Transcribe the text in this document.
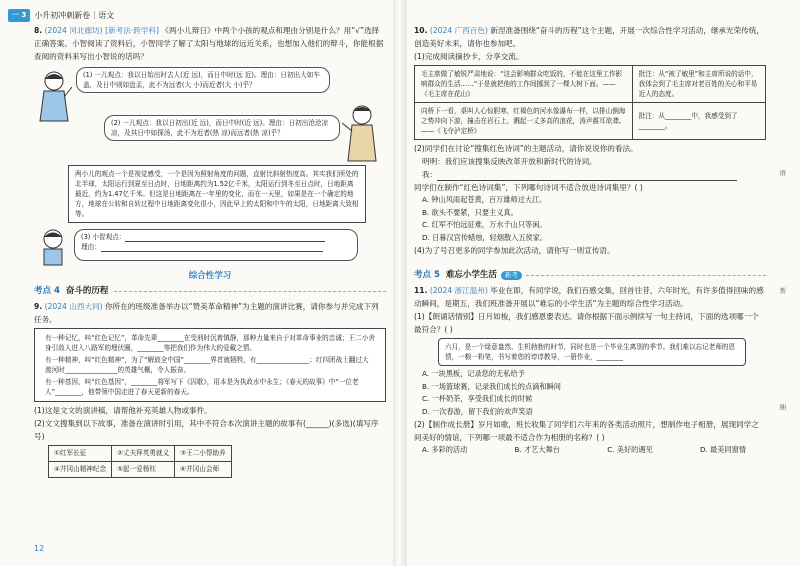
一 3	小升初冲刺新卷｜语文

8. (2024 河北廊坊) [新考法·跨学科] 《两小儿辩日》中两个小孩的观点和理由分别是什么？用“√”选择正确答案。小智阅读了资料后，小智同学了解了太阳与地球的远近关系，也想加入他们的辩斗，你能根据查阅的资料来写出小智说的话吗？

(1) 一儿观点：我以日始出时去人(近 远)，而日中时(远 近)。理由：日初出大如车盖，及日中则如盘盂，此不为远者(大 小)而近者(大 小)乎？
(2) 一儿观点：我以日初出(近 远)，而日中时(近 远)。理由：日初出沧沧凉凉，及其日中如探汤，此不为近者(热 凉)而远者(热 凉)乎？
两小儿的观点一个是视觉感受，一个是因为照射角度的问题，直射比斜射热度高。其实我们所处的北半球，太阳运行到夏至日点时，日地距离约为1.52亿千米，太阳运行到冬至日点时，日地距离最近，约为1.47亿千米。但这是日地距离在一年里的变化，而在一天里，如果是在一个确定的地方，地球在公转和自转过程中日地距离变化很小，因此早上的太阳和中午的太阳，日地距离大致相等。
(3) 小智观点：
理由：
综合性学习
考点 4 奋斗的历程

9. (2024 山西大同) 你所在的班级准备举办以“赞美革命精神”为主题的演讲比赛，请你参与并完成下列任务。

有一种记忆，叫“红色记忆”，革命先辈________在受刑时沉着镇静，那种力量来自于对革命事业的忠诚；王二小舍身引敌人进入八路军的埋伏圈，________等把我们作为伟大的爱戴之情。

有一种精神，叫“红色精神”，为了“解放全中国”________界首就牺牲，有________________；红四团战士翻过大渡河时________________的英雄气概，令人振奋。

有一种基因，叫“红色基因”，________将军写下《囚歌》，用本是为执政水中永生；《春天的故事》中“一位老人”________，他带领中国走进了春天更新的春天。

(1)这是文文的演讲稿，请帮他补充英雄人物或事件。

(2)文文搜集到以下故事，准备在演讲时引用，其中不符合本次演讲主题的故事有(______)(多选)(填写序号)

①红军长征	②丈夫拜英勇就义	③王二小帮助养
④井冈山精神纪念	⑤起一爱杨钰	⑥井冈山会师
12

10. (2024 广西百色) 新涅准备围绕“奋斗的历程”这个主题，开展一次综合性学习活动，继承光荣传统，创造美好未来，请你也参加吧。

(1)完成阅读摘抄卡，分享交流。

毛主席做了敏锐严肃地说：“这会影响群众吃饭的，不能在这里工作影响群众的生活……”于是就把他的工作间挪到了一棵大树下面。——《毛主席在花山》	批注：从“被了敏里”和主席所说的话中，我体会到了毛主席对老百姓的关心和平易近人的态度。
向桥下一看，桌叫人心惊胆寒，红褐色的河水像瀑布一样，以排山倒海之势冲向下游，撞击在岩石上，溅起一丈多高的浪花，涛声震耳欲聋。——《飞夺泸定桥》	批注：从________中，我感受到了________。

(2)同学们在讨论“搜集红色诗词”的主题活动，请你说说你的看法。

明明：我们应该搜集反映改革开放和新时代的诗词。

我：

同学们在制作“红色诗词集”，下列哪句诗词不适合放进诗词集里？( )

A. 钟山风雨起苍黄，百万雄师过大江。
B. 欲头不要紧，只要主义真。
C. 红军不怕远征难，万水千山只等闲。
D. 日暮汉宫传蜡烛，轻烟散入五侯家。

(4)为了号召更多的同学参加此次活动，请你写一则宣传语。

考点 5 难忘小学生活	新考

11. (2024 浙江温州) 毕业在即，有同学说，我们百感交集，回首往昔，六年时光，有许多值得回味的感动瞬间，是期五，我们班准备开展以“难忘的小学生活”为主题的综合性学习活动。

(1)【朗诵话情别】日月如梭，我们感恩要表达。请你根据下面示例续写一句主持词，下面的选项哪一个最符合？( )

六月，是一个绿意盎然、生机勃勃的时节，同时也是一个毕业生离别的季节。我们难以忘记老师的恩情，一粮一粉笔，书写着您的谆谆教导，一册作业，________
A. 一块黑板，记录您的无私给予
B. 一场篮球赛，记录我们成长的点滴和瞬间
C. 一杯奶茶，享受我们成长的时候
D. 一次春游，留下我们的欢声笑语

(2)【制作成长册】岁月如歌，班长收集了同学们六年来的各类活动照片，想制作电子相册，展现同学之间美好的情谊，下列哪一项最不适合作为相册的名称？( )

A. 多彩的活动	B. 才艺大舞台	C. 美好的遇见	D. 最美同窗情
语
帮
抽
